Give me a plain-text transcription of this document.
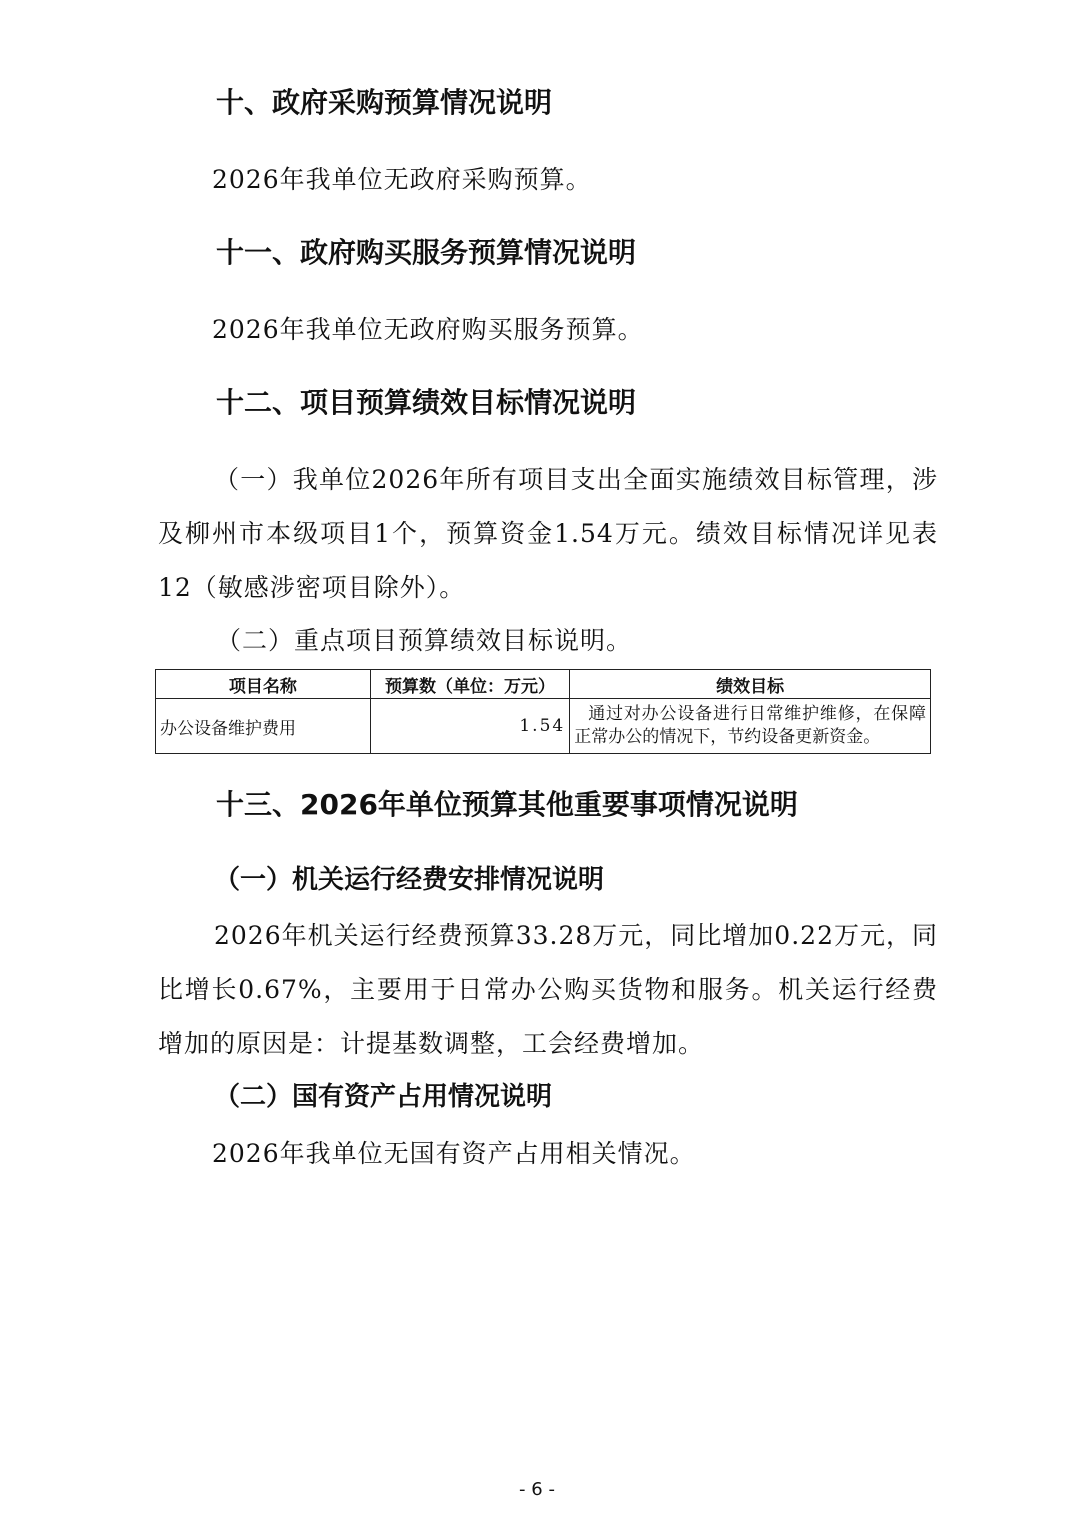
十、政府采购预算情况说明

2026年我单位无政府采购预算。

十一、政府购买服务预算情况说明

2026年我单位无政府购买服务预算。

十二、项目预算绩效目标情况说明

（一）我单位2026年所有项目支出全面实施绩效目标管理，涉及柳州市本级项目1个，预算资金1.54万元。绩效目标情况详见表12（敏感涉密项目除外）。

（二）重点项目预算绩效目标说明。

项目名称	预算数（单位：万元）	绩效目标
办公设备维护费用	1.54	通过对办公设备进行日常维护维修，在保障正常办公的情况下，节约设备更新资金。
十三、2026年单位预算其他重要事项情况说明
（一）机关运行经费安排情况说明

2026年机关运行经费预算33.28万元，同比增加0.22万元，同比增长0.67%，主要用于日常办公购买货物和服务。机关运行经费增加的原因是：计提基数调整，工会经费增加。

（二）国有资产占用情况说明

2026年我单位无国有资产占用相关情况。

- 6 -
